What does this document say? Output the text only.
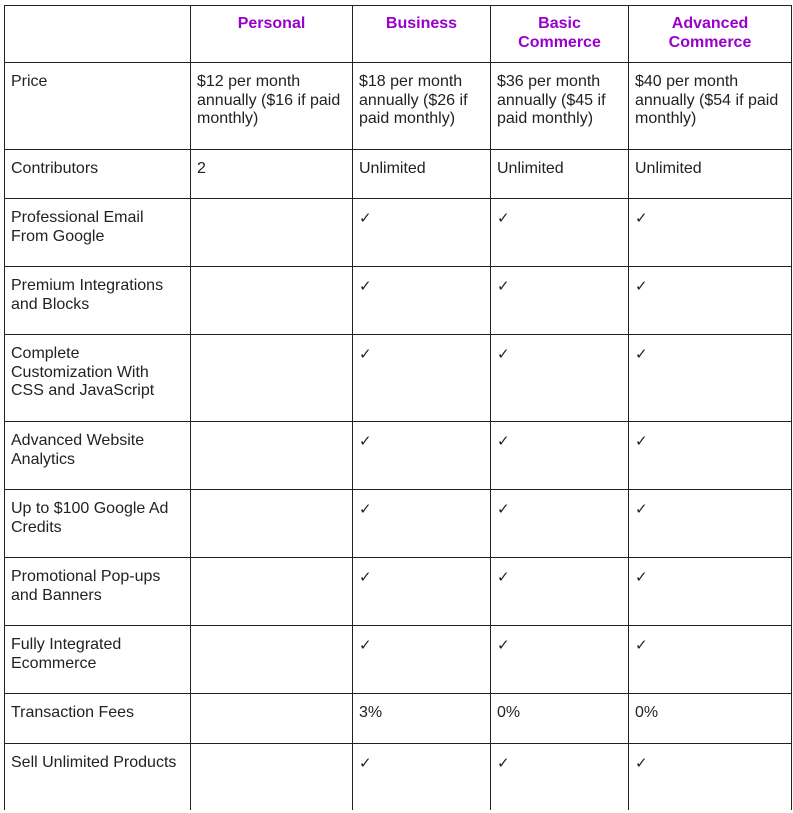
	Personal	Business	Basic Commerce	Advanced Commerce
Price	$12 per month annually ($16 if paid monthly)	$18 per month annually ($26 if paid monthly)	$36 per month annually ($45 if paid monthly)	$40 per month annually ($54 if paid monthly)
Contributors	2	Unlimited	Unlimited	Unlimited
Professional Email From Google		✓	✓	✓
Premium Integrations and Blocks		✓	✓	✓
Complete Customization With CSS and JavaScript		✓	✓	✓
Advanced Website Analytics		✓	✓	✓
Up to $100 Google Ad Credits		✓	✓	✓
Promotional Pop-ups and Banners		✓	✓	✓
Fully Integrated Ecommerce		✓	✓	✓
Transaction Fees		3%	0%	0%
Sell Unlimited Products		✓	✓	✓
